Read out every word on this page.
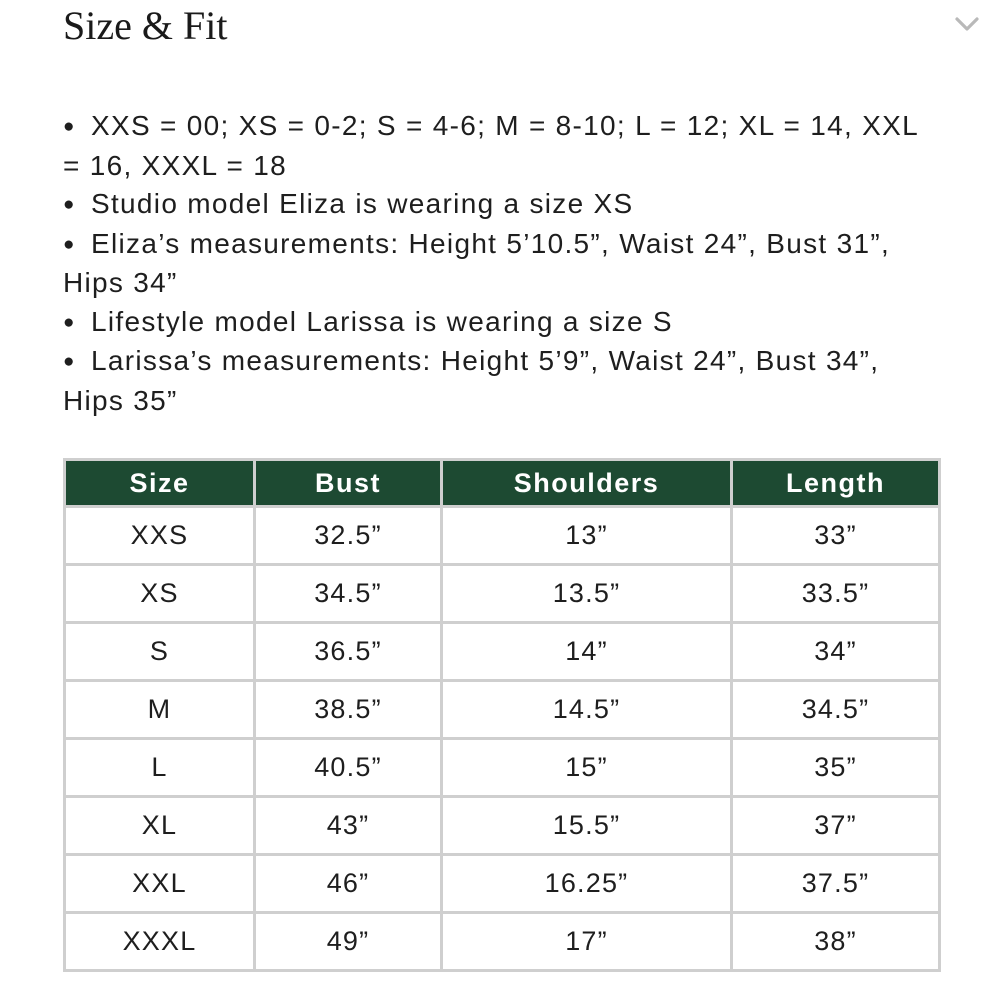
Size & Fit
● XXS = 00; XS = 0-2; S = 4-6; M = 8-10; L = 12; XL = 14, XXL = 16, XXXL = 18
● Studio model Eliza is wearing a size XS
● Eliza’s measurements: Height 5’10.5”, Waist 24”, Bust 31”, Hips 34”
● Lifestyle model Larissa is wearing a size S
● Larissa’s measurements: Height 5’9”, Waist 24”, Bust 34”, Hips 35”
Size	Bust	Shoulders	Length
XXS	32.5”	13”	33”
XS	34.5”	13.5”	33.5”
S	36.5”	14”	34”
M	38.5”	14.5”	34.5”
L	40.5”	15”	35”
XL	43”	15.5”	37”
XXL	46”	16.25”	37.5”
XXXL	49”	17”	38”
